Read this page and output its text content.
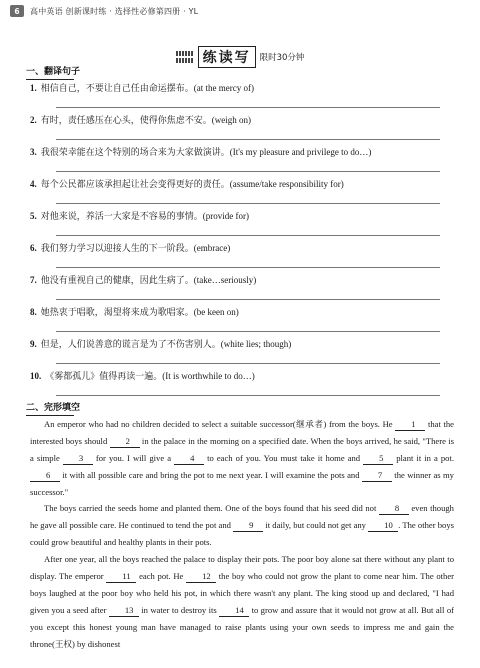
6	高中英语 创新课时练 · 选择性必修第四册 · YL
练读写	限时30分钟
一、翻译句子
1. 相信自己，不要让自己任由命运摆布。(at the mercy of)
2. 有时，责任感压在心头，使得你焦虑不安。(weigh on)
3. 我很荣幸能在这个特别的场合来为大家做演讲。(It's my pleasure and privilege to do…)
4. 每个公民都应该承担起让社会变得更好的责任。(assume/take responsibility for)
5. 对他来说，养活一大家是不容易的事情。(provide for)
6. 我们努力学习以迎接人生的下一阶段。(embrace)
7. 他没有重视自己的健康，因此生病了。(take…seriously)
8. 她热衷于唱歌，渴望将来成为歌唱家。(be keen on)
9. 但是，人们说善意的谎言是为了不伤害别人。(white lies; though)
10. 《雾都孤儿》值得再读一遍。(It is worthwhile to do…)
二、完形填空
An emperor who had no children decided to select a suitable successor(继承者) from the boys. He 1 that the interested boys should 2 in the palace in the morning on a specified date. When the boys arrived, he said, "There is a simple 3 for you. I will give a 4 to each of you. You must take it home and 5 plant it in a pot. 6 it with all possible care and bring the pot to me next year. I will examine the pots and 7 the winner as my successor."
The boys carried the seeds home and planted them. One of the boys found that his seed did not 8 even though he gave all possible care. He continued to tend the pot and 9 it daily, but could not get any 10 . The other boys could grow beautiful and healthy plants in their pots.
After one year, all the boys reached the palace to display their pots. The poor boy alone sat there without any plant to display. The emperor 11 each pot. He 12 the boy who could not grow the plant to come near him. The other boys laughed at the poor boy who held his pot, in which there wasn't any plant. The king stood up and declared, "I had given you a seed after 13 in water to destroy its 14 to grow and assure that it would not grow at all. But all of you except this honest young man have managed to raise plants using your own seeds to impress me and gain the throne(王权) by dishonest
